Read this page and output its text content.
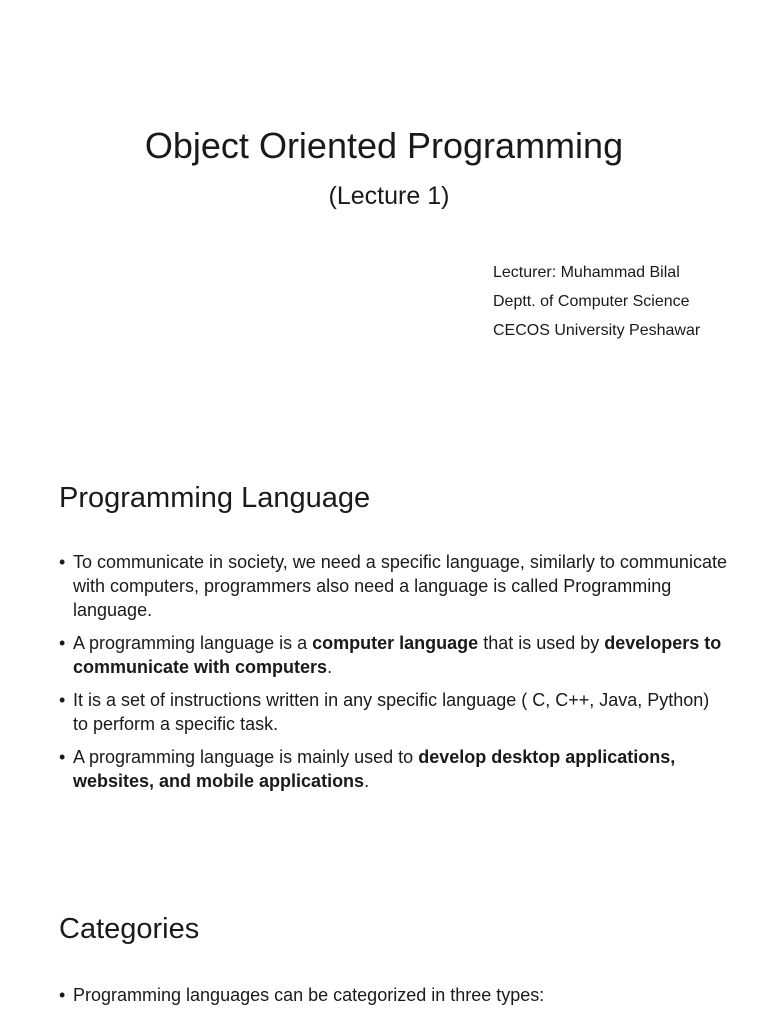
Object Oriented Programming
(Lecture 1)
Lecturer: Muhammad Bilal
Deptt. of Computer Science
CECOS University Peshawar
Programming Language
• To communicate in society, we need a specific language, similarly to communicate with computers, programmers also need a language is called Programming language.
• A programming language is a computer language that is used by developers to communicate with computers.
• It is a set of instructions written in any specific language ( C, C++, Java, Python) to perform a specific task.
• A programming language is mainly used to develop desktop applications, websites, and mobile applications.
Categories
• Programming languages can be categorized in three types:
